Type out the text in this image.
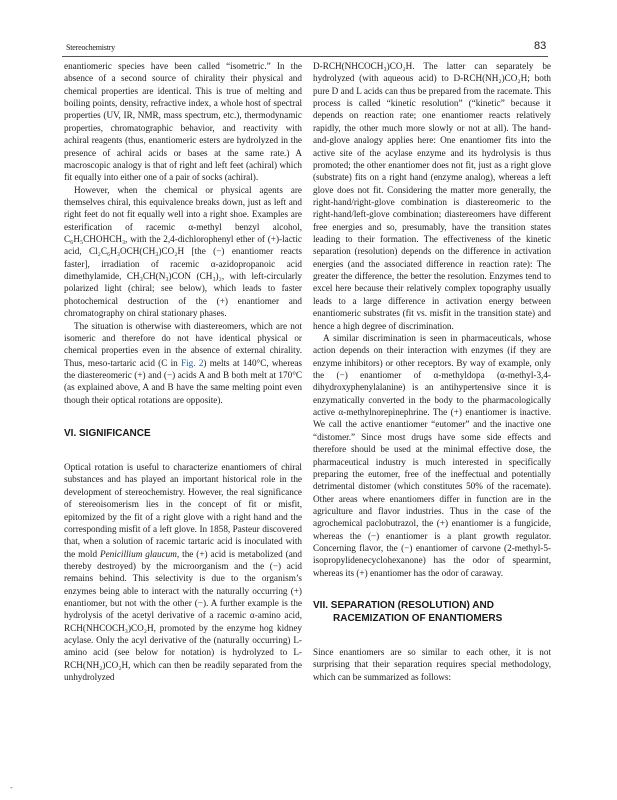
Stereochemistry	83

enantiomeric species have been called “isometric.” In the absence of a second source of chirality their physical and chemical properties are identical. This is true of melting and boiling points, density, refractive index, a whole host of spectral properties (UV, IR, NMR, mass spectrum, etc.), thermodynamic properties, chromatographic behavior, and reactivity with achiral reagents (thus, enantiomeric esters are hydrolyzed in the presence of achiral acids or bases at the same rate.) A macroscopic analogy is that of right and left feet (achiral) which fit equally into either one of a pair of socks (achiral).

However, when the chemical or physical agents are themselves chiral, this equivalence breaks down, just as left and right feet do not fit equally well into a right shoe. Examples are esterification of racemic α-methyl benzyl alcohol, C₆H₅CHOHCH₃, with the 2,4-dichlorophenyl ether of (+)-lactic acid, Cl₂C₆H₃OCH(CH₃)CO₂H [the (−) enantiomer reacts faster], irradiation of racemic α-azidopropanoic acid dimethylamide, CH₃CH(N₃)CON (CH₃)₂, with left-circularly polarized light (chiral; see below), which leads to faster photochemical destruction of the (+) enantiomer and chromatography on chiral stationary phases.

The situation is otherwise with diastereomers, which are not isomeric and therefore do not have identical physical or chemical properties even in the absence of external chirality. Thus, meso-tartaric acid (C in Fig. 2) melts at 140°C, whereas the diastereomeric (+) and (−) acids A and B both melt at 170°C (as explained above, A and B have the same melting point even though their optical rotations are opposite).

VI. SIGNIFICANCE

Optical rotation is useful to characterize enantiomers of chiral substances and has played an important historical role in the development of stereochemistry. However, the real significance of stereoisomerism lies in the concept of fit or misfit, epitomized by the fit of a right glove with a right hand and the corresponding misfit of a left glove. In 1858, Pasteur discovered that, when a solution of racemic tartaric acid is inoculated with the mold Penicillium glaucum, the (+) acid is metabolized (and thereby destroyed) by the microorganism and the (−) acid remains behind. This selectivity is due to the organism’s enzymes being able to interact with the naturally occurring (+) enantiomer, but not with the other (−). A further example is the hydrolysis of the acetyl derivative of a racemic α-amino acid, RCH(NHCOCH₃)CO₂H, promoted by the enzyme hog kidney acylase. Only the acyl derivative of the (naturally occurring) L-amino acid (see below for notation) is hydrolyzed to L-RCH(NH₂)CO₂H, which can then be readily separated from the unhydrolyzed

D-RCH(NHCOCH₃)CO₂H. The latter can separately be hydrolyzed (with aqueous acid) to D-RCH(NH₂)CO₂H; both pure D and L acids can thus be prepared from the racemate. This process is called “kinetic resolution” (“kinetic” because it depends on reaction rate; one enantiomer reacts relatively rapidly, the other much more slowly or not at all). The hand-and-glove analogy applies here: One enantiomer fits into the active site of the acylase enzyme and its hydrolysis is thus promoted; the other enantiomer does not fit, just as a right glove (substrate) fits on a right hand (enzyme analog), whereas a left glove does not fit. Considering the matter more generally, the right-hand/right-glove combination is diastereomeric to the right-hand/left-glove combination; diastereomers have different free energies and so, presumably, have the transition states leading to their formation. The effectiveness of the kinetic separation (resolution) depends on the difference in activation energies (and the associated difference in reaction rate): The greater the difference, the better the resolution. Enzymes tend to excel here because their relatively complex topography usually leads to a large difference in activation energy between enantiomeric substrates (fit vs. misfit in the transition state) and hence a high degree of discrimination.

A similar discrimination is seen in pharmaceuticals, whose action depends on their interaction with enzymes (if they are enzyme inhibitors) or other receptors. By way of example, only the (−) enantiomer of α-methyldopa (α-methyl-3,4-dihydroxyphenylalanine) is an antihypertensive since it is enzymatically converted in the body to the pharmacologically active α-methylnorepinephrine. The (+) enantiomer is inactive. We call the active enantiomer “eutomer” and the inactive one “distomer.” Since most drugs have some side effects and therefore should be used at the minimal effective dose, the pharmaceutical industry is much interested in specifically preparing the eutomer, free of the ineffectual and potentially detrimental distomer (which constitutes 50% of the racemate). Other areas where enantiomers differ in function are in the agriculture and flavor industries. Thus in the case of the agrochemical paclobutrazol, the (+) enantiomer is a fungicide, whereas the (−) enantiomer is a plant growth regulator. Concerning flavor, the (−) enantiomer of carvone (2-methyl-5-isopropylidenecyclohexanone) has the odor of spearmint, whereas its (+) enantiomer has the odor of caraway.

VII. SEPARATION (RESOLUTION) AND
RACEMIZATION OF ENANTIOMERS

Since enantiomers are so similar to each other, it is not surprising that their separation requires special methodology, which can be summarized as follows:

-
